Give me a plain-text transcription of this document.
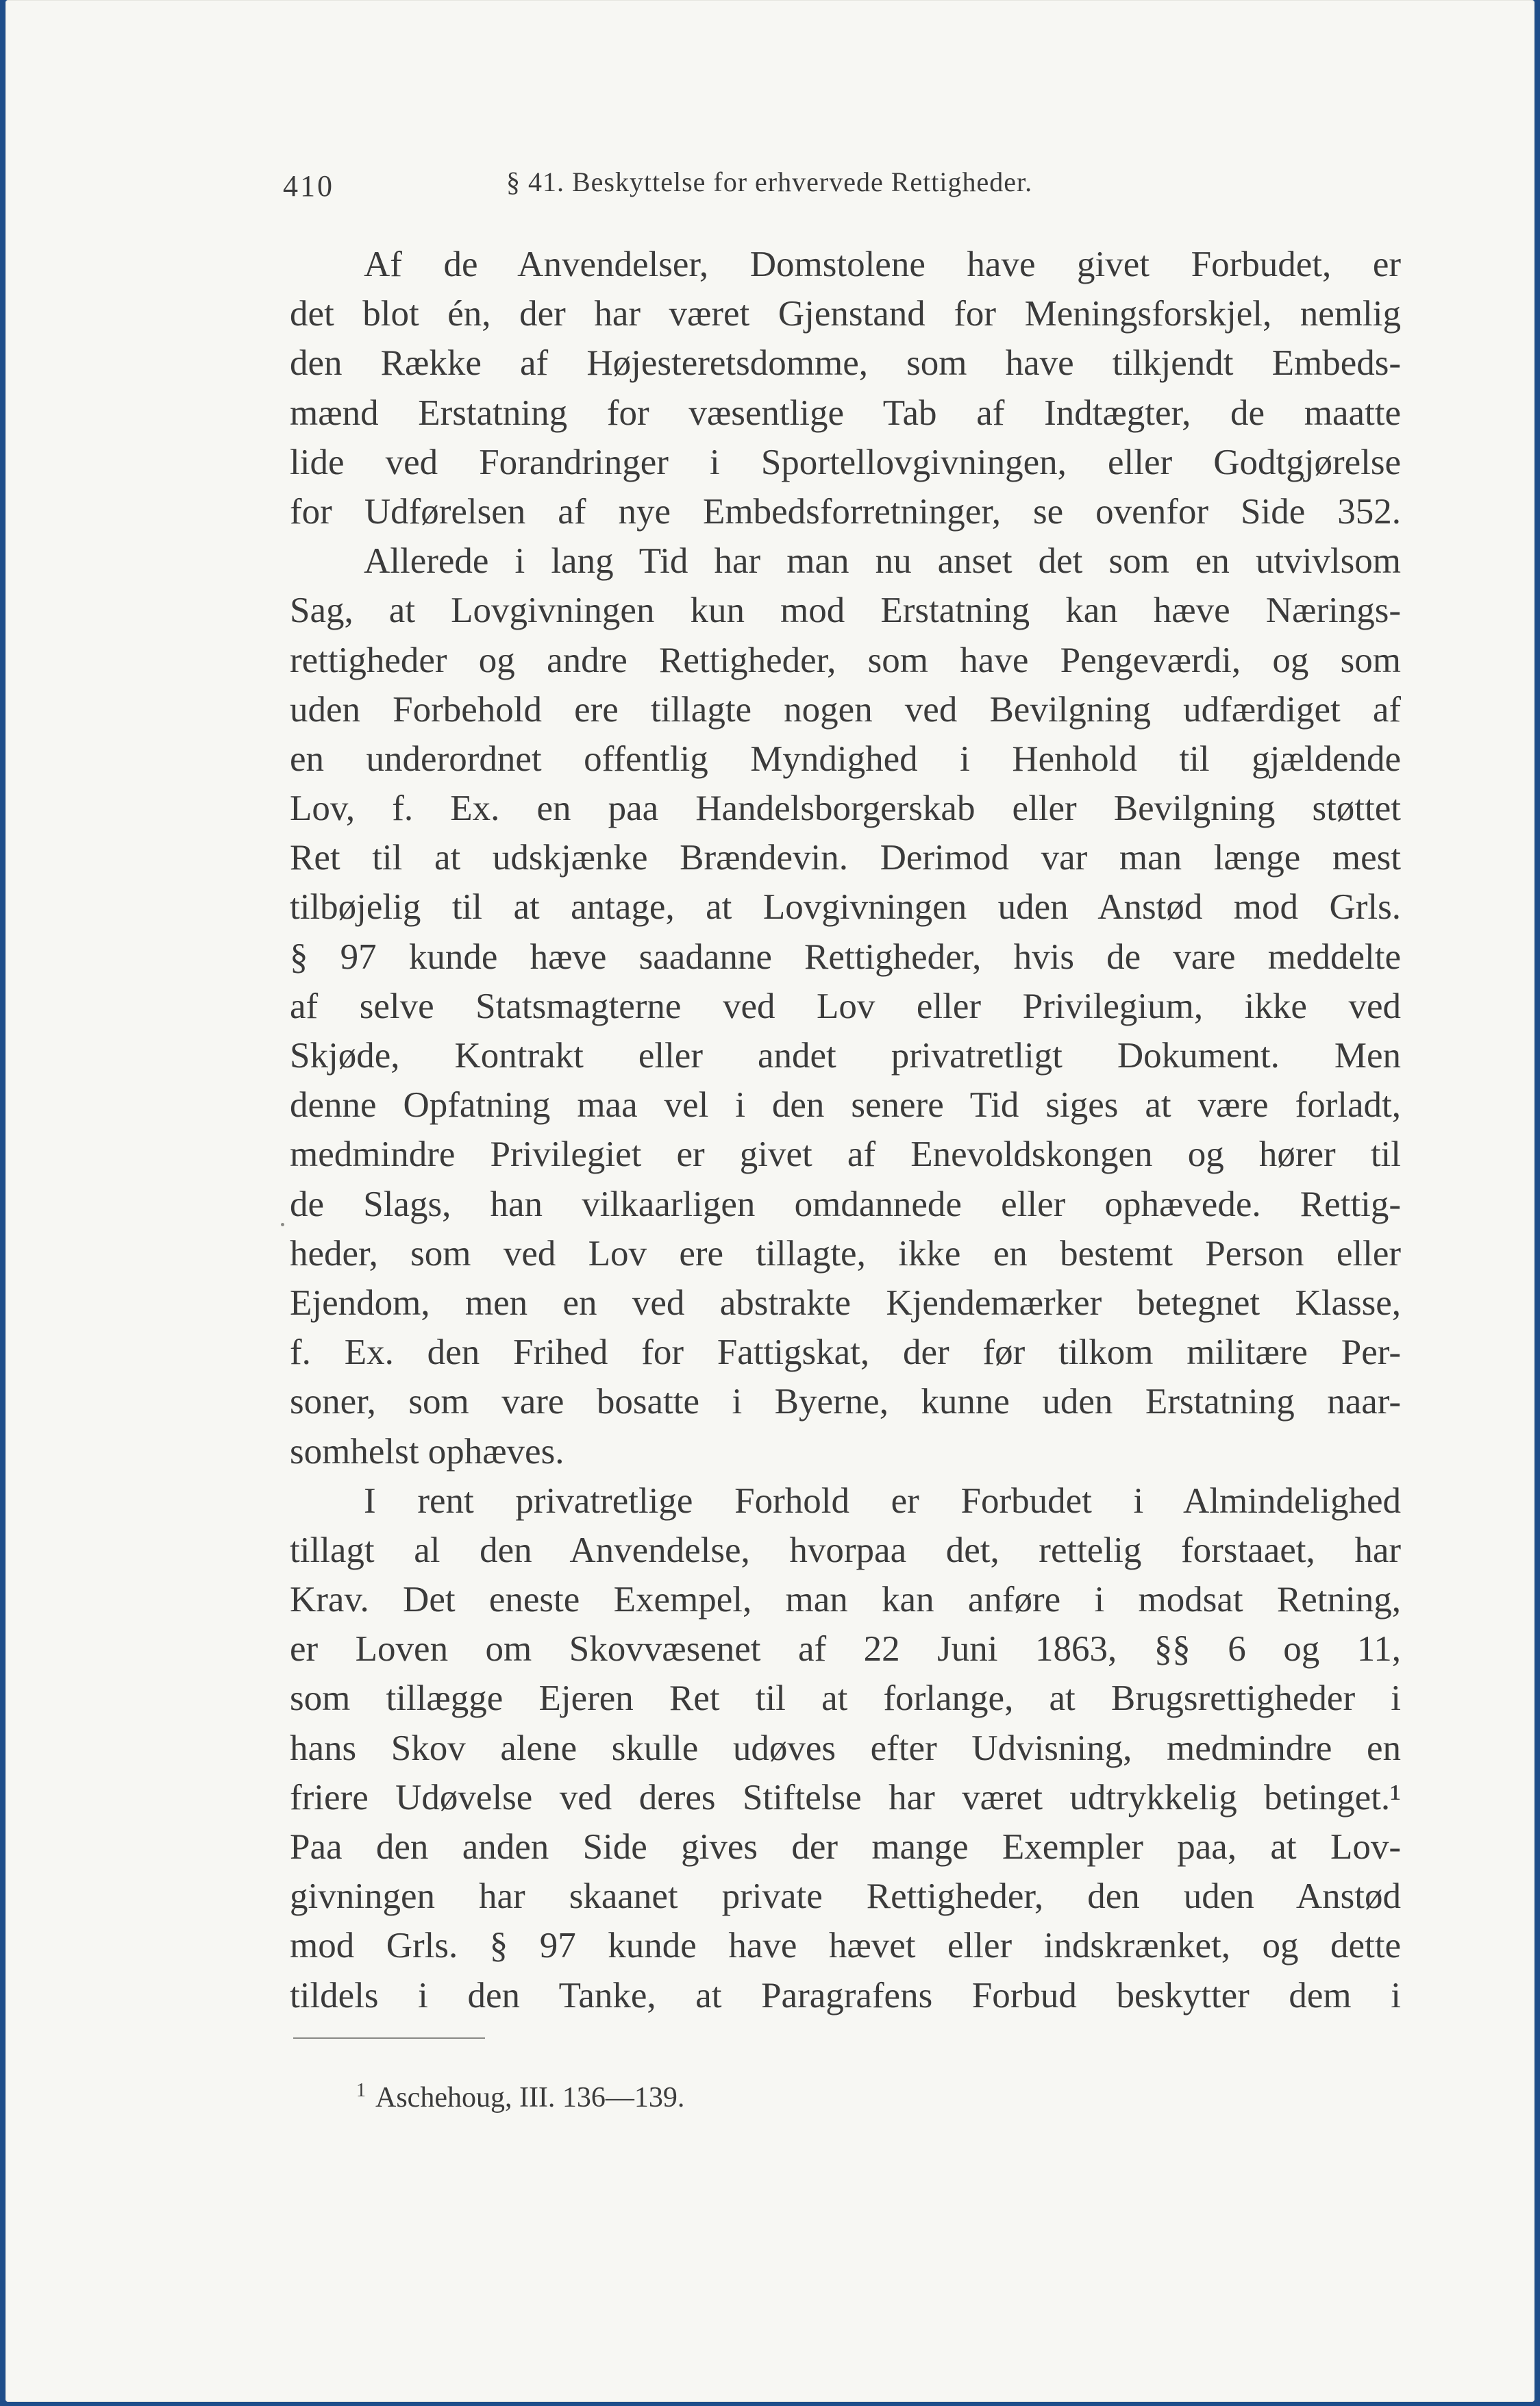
410	§ 41. Beskyttelse for erhvervede Rettigheder.
Af de Anvendelser, Domstolene have givet Forbudet, er
det blot én, der har været Gjenstand for Meningsforskjel, nemlig
den Række af Højesteretsdomme, som have tilkjendt Embeds-
mænd Erstatning for væsentlige Tab af Indtægter, de maatte
lide ved Forandringer i Sportellovgivningen, eller Godtgjørelse
for Udførelsen af nye Embedsforretninger, se ovenfor Side 352.
Allerede i lang Tid har man nu anset det som en utvivlsom
Sag, at Lovgivningen kun mod Erstatning kan hæve Nærings-
rettigheder og andre Rettigheder, som have Pengeværdi, og som
uden Forbehold ere tillagte nogen ved Bevilgning udfærdiget af
en underordnet offentlig Myndighed i Henhold til gjældende
Lov, f. Ex. en paa Handelsborgerskab eller Bevilgning støttet
Ret til at udskjænke Brændevin. Derimod var man længe mest
tilbøjelig til at antage, at Lovgivningen uden Anstød mod Grls.
§ 97 kunde hæve saadanne Rettigheder, hvis de vare meddelte
af selve Statsmagterne ved Lov eller Privilegium, ikke ved
Skjøde, Kontrakt eller andet privatretligt Dokument. Men
denne Opfatning maa vel i den senere Tid siges at være forladt,
medmindre Privilegiet er givet af Enevoldskongen og hører til
de Slags, han vilkaarligen omdannede eller ophævede. Rettig-
heder, som ved Lov ere tillagte, ikke en bestemt Person eller
Ejendom, men en ved abstrakte Kjendemærker betegnet Klasse,
f. Ex. den Frihed for Fattigskat, der før tilkom militære Per-
soner, som vare bosatte i Byerne, kunne uden Erstatning naar-
somhelst ophæves.
I rent privatretlige Forhold er Forbudet i Almindelighed
tillagt al den Anvendelse, hvorpaa det, rettelig forstaaet, har
Krav. Det eneste Exempel, man kan anføre i modsat Retning,
er Loven om Skovvæsenet af 22 Juni 1863, §§ 6 og 11,
som tillægge Ejeren Ret til at forlange, at Brugsrettigheder i
hans Skov alene skulle udøves efter Udvisning, medmindre en
friere Udøvelse ved deres Stiftelse har været udtrykkelig betinget.¹
Paa den anden Side gives der mange Exempler paa, at Lov-
givningen har skaanet private Rettigheder, den uden Anstød
mod Grls. § 97 kunde have hævet eller indskrænket, og dette
tildels i den Tanke, at Paragrafens Forbud beskytter dem i
$^1$ Aschehoug, III. 136—139.
